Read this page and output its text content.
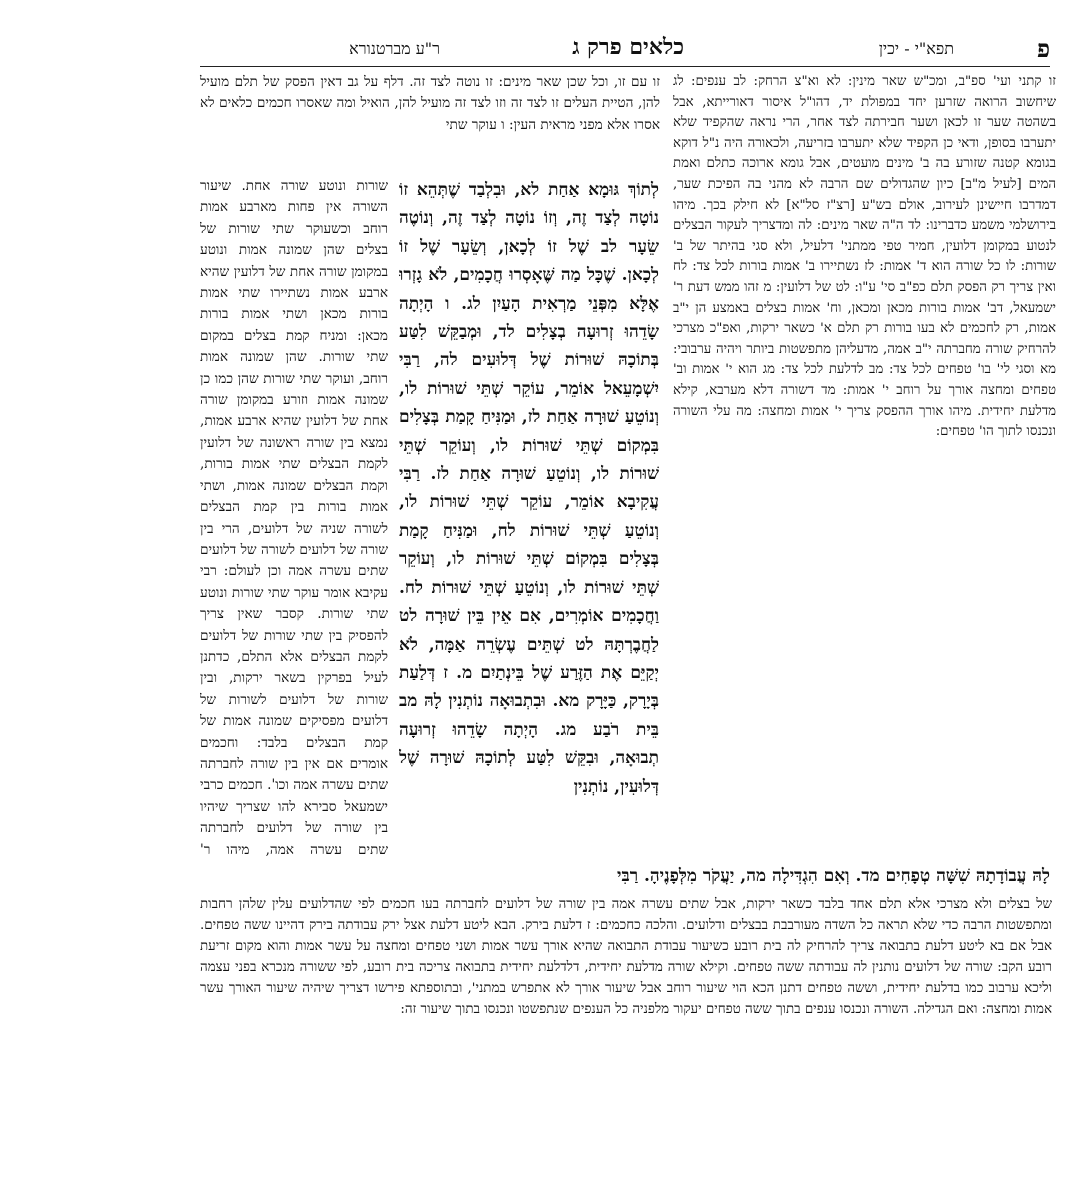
פ
תפא"י - יכין
כלאים פרק ג
ר"ע מברטנורא
זו קתני ועי' ספ"ב, ומכ"ש שאר מינין: לא וא"צ הרחק: לב ענפים: לג שיחשוב הרואה שזרען יחד במפולת יד, דהו"ל איסור דאורייתא, אבל בשהטה שער זו לכאן ושער חבירתה לצד אחר, הרי נראה שהקפיד שלא יתערבו בסופן, ודאי כן הקפיד שלא יתערבו בזריעה, ולכאורה היה נ"ל דוקא בגומא קטנה שזורע בה ב' מינים מועטים, אבל גומא ארוכה כתלם ואמת המים [לעיל מ"ב] כיון שהגדולים שם הרבה לא מהני בה הפיכת שער, דמדרבו חיישינן לעירוב, אולם בש"ע [רצ"ז סל"א] לא חילק בכך. מיהו בירושלמי משמע כדברינו: לד ה"ה שאר מינים: לה ומדצריך לעקור הבצלים לנטוע במקומן דלועין, חמיר טפי ממתני' דלעיל, ולא סגי בהיתר של ב' שורות: לו כל שורה הוא ד' אמות: לז נשתיירו ב' אמות בורות לכל צד: לח ואין צריך רק הפסק תלם כפ"ב סי' ע"ו: לט של דלועין: מ זהו ממש דעת ר' ישמעאל, דב' אמות בורות מכאן ומכאן, וח' אמות בצלים באמצע הן י"ב אמות, רק לחכמים לא בעו בורות רק תלם א' כשאר ירקות, ואפ"כ מצרכי להרחיק שורה מחברתה י"ב אמה, מדעליהן מתפשטות ביותר ויהיה ערבובי: מא וסגי לי' בו' טפחים לכל צד: מב לדלעת לכל צד: מג הוא י' אמות וב' טפחים ומחצה אורך על רוחב י' אמות: מד דשורה דלא מערבא, קילא מדלעת יחידית. מיהו אורך ההפסק צריך י' אמות ומחצה: מה עלי השורה ונכנסו לתוך הו' טפחים:
זו עם זו, וכל שכן שאר מינים: זו נוטה לצד זה. דלף על גב דאין הפסק של תלם מועיל להן, הטיית העלים זו לצד זה וזו לצד זה מועיל להן, הואיל ומה שאסרו חכמים כלאים לא אסרו אלא מפני מראית העין: ו עוקר שתי
לְתוֹךְ גּוּמָא אַחַת לא, וּבִלְבַד שֶׁתְּהֵא זוֹ נוֹטָה לְצַד זֶה, וְזוֹ נוֹטָה לְצַד זֶה, וְנוֹטֶה שֵׂעָר לב שֶׁל זוֹ לְכָאן, וְשֵׂעָר שֶׁל זוֹ לְכָאן. שֶׁכָּל מַה שֶּׁאָסְרוּ חֲכָמִים, לֹא גָזְרוּ אֶלָּא מִפְּנֵי מַרְאִית הָעַיִן לג. ו הָיְתָה שָׂדֵהוּ זְרוּעָה בְצָלִים לד, וּמְבַקֵּשׁ לִטַּע בְּתוֹכָהּ שׁוּרוֹת שֶׁל דְּלוּעִים לה, רַבִּי יִשְׁמָעֵאל אוֹמֵר, עוֹקֵר שְׁתֵּי שׁוּרוֹת לו, וְנוֹטֵעַ שׁוּרָה אַחַת לז, וּמַנִּיחַ קָמַת בְּצָלִים בִּמְקוֹם שְׁתֵּי שׁוּרוֹת לו, וְעוֹקֵר שְׁתֵּי שׁוּרוֹת לו, וְנוֹטֵעַ שׁוּרָה אַחַת לז. רַבִּי עֲקִיבָא אוֹמֵר, עוֹקֵר שְׁתֵּי שׁוּרוֹת לו, וְנוֹטֵעַ שְׁתֵּי שׁוּרוֹת לח, וּמַנִּיחַ קָמַת בְּצָלִים בִּמְקוֹם שְׁתֵּי שׁוּרוֹת לו, וְעוֹקֵר שְׁתֵּי שׁוּרוֹת לו, וְנוֹטֵעַ שְׁתֵּי שׁוּרוֹת לח. וַחֲכָמִים אוֹמְרִים, אִם אֵין בֵּין שׁוּרָה לט לַחֲבֶרְתָּהּ לט שְׁתֵּים עֶשְׂרֵה אַמָּה, לֹא יְקַיֵּם אֶת הַזֶּרַע שֶׁל בֵּינְתַיִם מ. ז דְּלַעַת בְּיָרָק, כַּיָּרָק מא. וּבִתְבוּאָה נוֹתְנִין לָהּ מב בֵּית רֹבַע מג. הָיְתָה שָׂדֵהוּ זְרוּעָה תְבוּאָה, וּבִקֵּשׁ לִטַּע לְתוֹכָהּ שׁוּרָה שֶׁל דְּלוּעִין, נוֹתְנִין
שורות ונוטע שורה אחת. שיעור השורה אין פחות מארבע אמות רוחב וכשעוקר שתי שורות של בצלים שהן שמונה אמות ונוטע במקומן שורה אחת של דלועין שהיא ארבע אמות נשתיירו שתי אמות בורות מכאן ושתי אמות בורות מכאן: ומניח קמת בצלים במקום שתי שורות. שהן שמונה אמות רוחב, ועוקר שתי שורות שהן כמו כן שמונה אמות וזורע במקומן שורה אחת של דלועין שהיא ארבע אמות, נמצא בין שורה ראשונה של דלועין לקמת הבצלים שתי אמות בורות, וקמת הבצלים שמונה אמות, ושתי אמות בורות בין קמת הבצלים לשורה שניה של דלועים, הרי בין שורה של דלועים לשורה של דלועים שתים עשרה אמה וכן לעולם: רבי עקיבא אומר עוקר שתי שורות ונוטע שתי שורות. קסבר שאין צריך להפסיק בין שתי שורות של דלועים לקמת הבצלים אלא התלם, כדתנן לעיל בפרקין בשאר ירקות, ובין שורות של דלועים לשורות של דלועים מפסיקים שמונה אמות של קמת הבצלים בלבד: וחכמים אומרים אם אין בין שורה לחברתה שתים עשרה אמה וכו'. חכמים כרבי ישמעאל סבירא להו שצריך שיהיו בין שורה של דלועים לחברתה שתים עשרה אמה, מיהו ר'
לָהּ עֲבוֹדָתָהּ שִׁשָּׁה טְפָחִים מד. וְאִם הִגְדִּילָה מה, יַעֲקֹר מִלְּפָנֶיהָ. רַבִּי
של בצלים ולא מצרכי אלא תלם אחד בלבד כשאר ירקות, אבל שתים עשרה אמה בין שורה של דלועים לחברתה בעו חכמים לפי שהדלועים עלין שלהן רחבות ומתפשטות הרבה כדי שלא תראה כל השדה מעורבבת בבצלים ודלועים. והלכה כחכמים: ז דלעת בירק. הבא ליטע דלעת אצל ירק עבודתה בירק דהיינו ששה טפחים. אבל אם בא ליטע דלעת בתבואה צריך להרחיק לה בית רובע כשיעור עבודת התבואה שהיא אורך עשר אמות ושני טפחים ומחצה על עשר אמות והוא מקום זריעת רובע הקב: שורה של דלועים נותנין לה עבודתה ששה טפחים. וקילא שורה מדלעת יחידית, דלדלעת יחידית בתבואה צריכה בית רובע, לפי ששורה מנכרא בפני עצמה וליכא ערבוב כמו בדלעת יחידית, וששה טפחים דתנן הכא הוי שיעור רוחב אבל שיעור אורך לא אתפרש במתני', ובתוספתא פירשו דצריך שיהיה שיעור האורך עשר אמות ומחצה: ואם הגדילה. השורה ונכנסו ענפים בתוך ששה טפחים יעקור מלפניה כל הענפים שנתפשטו ונכנסו בתוך שיעור זה:
